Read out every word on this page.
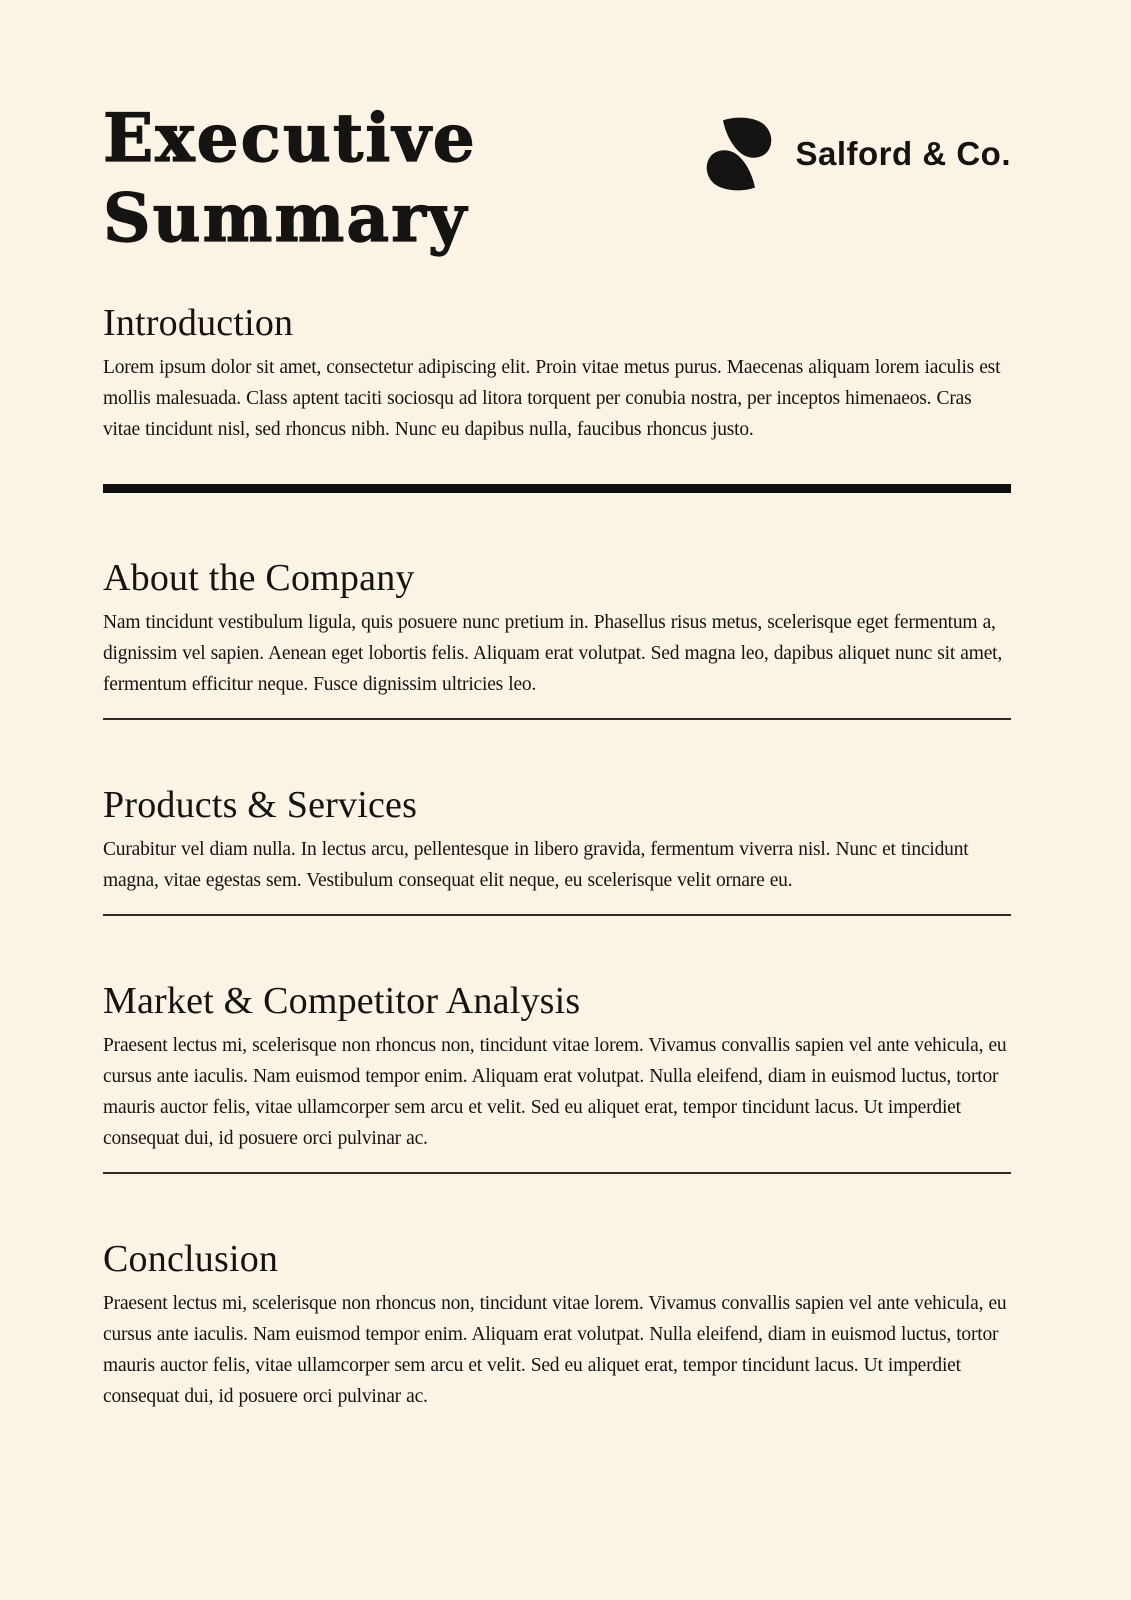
Executive
Summary
Salford & Co.
Introduction

Lorem ipsum dolor sit amet, consectetur adipiscing elit. Proin vitae metus purus. Maecenas aliquam lorem iaculis est mollis malesuada. Class aptent taciti sociosqu ad litora torquent per conubia nostra, per inceptos himenaeos. Cras vitae tincidunt nisl, sed rhoncus nibh. Nunc eu dapibus nulla, faucibus rhoncus justo.

About the Company

Nam tincidunt vestibulum ligula, quis posuere nunc pretium in. Phasellus risus metus, scelerisque eget fermentum a, dignissim vel sapien. Aenean eget lobortis felis. Aliquam erat volutpat. Sed magna leo, dapibus aliquet nunc sit amet, fermentum efficitur neque. Fusce dignissim ultricies leo.

Products & Services

Curabitur vel diam nulla. In lectus arcu, pellentesque in libero gravida, fermentum viverra nisl. Nunc et tincidunt magna, vitae egestas sem. Vestibulum consequat elit neque, eu scelerisque velit ornare eu.

Market & Competitor Analysis

Praesent lectus mi, scelerisque non rhoncus non, tincidunt vitae lorem. Vivamus convallis sapien vel ante vehicula, eu cursus ante iaculis. Nam euismod tempor enim. Aliquam erat volutpat. Nulla eleifend, diam in euismod luctus, tortor mauris auctor felis, vitae ullamcorper sem arcu et velit. Sed eu aliquet erat, tempor tincidunt lacus. Ut imperdiet consequat dui, id posuere orci pulvinar ac.

Conclusion

Praesent lectus mi, scelerisque non rhoncus non, tincidunt vitae lorem. Vivamus convallis sapien vel ante vehicula, eu cursus ante iaculis. Nam euismod tempor enim. Aliquam erat volutpat. Nulla eleifend, diam in euismod luctus, tortor mauris auctor felis, vitae ullamcorper sem arcu et velit. Sed eu aliquet erat, tempor tincidunt lacus. Ut imperdiet consequat dui, id posuere orci pulvinar ac.
